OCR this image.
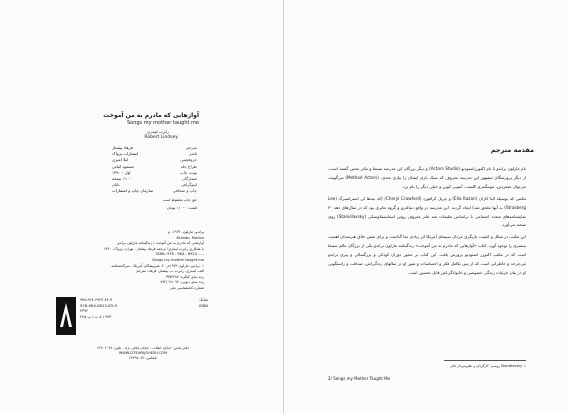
آوازهایی که مادرم به من آموخت
Songs my mother taught me
رابرت لیندزی
Robert Lindsey
مترجم
فرهاد پیشتاز
ناشر
انتشارات پژواک
حروفچینی
لیلا امیری
طراح جلد
مسعود اثباتی
نوبت چاپ
اول - ۱۳۹۰
شمارگان
۱۱۰۰ نسخه
لیتوگرافی
تابان
چاپ و صحافی
سازمان چاپ و انتشارات
حق چاپ محفوظ است
قیمت: ۱۱۰۰۰ تومان
براندو، مارلون، ۱۹۲۴- م
Brando, Marlon
آوازهایی که مادرم به من آموخت / زندگینامه مارلون براندو
با همکاری رابرت لیندزی؛ ترجمه فرهاد پیشتاز - تهران: پژواک، ۱۳۹۰
ISBN: 978 - 964 - 6923 - ...
Songs my mother taught me
۱. براندو، مارلون ۱۹۲۴م - ۲. هنرپیشگان آمریکا - سرگذشتنامه
الف. لیندزی، رابرت ب. پیشتاز، فرهاد، مترجم
رده بندی کنگره: PN۲۲۸۷
رده بندی دیویی: ۷۹۲/۰۲۸۰۹۲
شماره کتابشناسی ملی
شابک
۹۷۸-۹۶۴-۶۹۲۳-۸۳-۹
ISBN
978-964-6923-83-9
۲۳۹۲
۷۹۳ / ۸ ب / پ ۲۴۵
دفتر پخش: خیابان انقلاب - خیابان لبافی نژاد - تلفن: ۶۶۴۰۲۰۴۸
WWW.CITEAPAJOHESH.COM
تلفکس: ۶۶۴۹۸۰۷۲
مقدمه مترجم

نام مارلون براندو با نام اکتورزاستودیو (Actors Studio) و دیگر بزرگان این مدرسه سینما و تئاتر عجین گشته است، از دیگر پرورشگان مشهور این مدرسه معروف که سبک بازی ایشان را بیازی متدی، (Method Actors) می‌گویند، می‌توان جیمزدین، مونتگمری کلیفت، آنتونی کوین و خیلی دیگر را نام برد.

مکتبی که بوسیله الیا کازان (Elia Kazan) و چریل کرافورد (Cheryl Crawford) (که بعدها لی استراسبرگ (Lee Strasberg) به آنها ملحق شد) ایجاد گردید. این مدرسه در واقع دنباله‌رو و گروه تئاتری بود که در سال‌های دهه ۳۰ نمایشنامه‌های متعدد اجتماعی با براساس تعلیمات متد تئاتر معروف روس استانیسلاوسکی (Stanislavsky) روی صحنه می‌آورد.

این مکتب در شکل و کیفیت بازیگری مردان سینمای آمریکا اثر زیادی بجا گذاشت و برای نقش خلاق هنرمندان اهمیت بیشتری را بوجود آورد. کتاب «آوازهایی که مادرم به من آموخت» زندگینامه مارلون براندو یکی از بزرگان عالم سینما است که در مکتب اکتورز استودیو پرورش یافت. این کتاب بر محور دوران کودکی و بزرگسالی و پیری براندو می‌چرخد و خاطراتی است که از پس تکامل فکر و احساسات و شور او در سالهای زندگی‌اش، صداقت و راستگویی او در بیان جزئیات زندگی خصوصی و خانوادگی‌اش قابل تحسین است.

۱. Stanislavsky روسی؛ کارگردان و نظریه‌پرداز تئاتر
2/ Songs my Mother Taught Me
